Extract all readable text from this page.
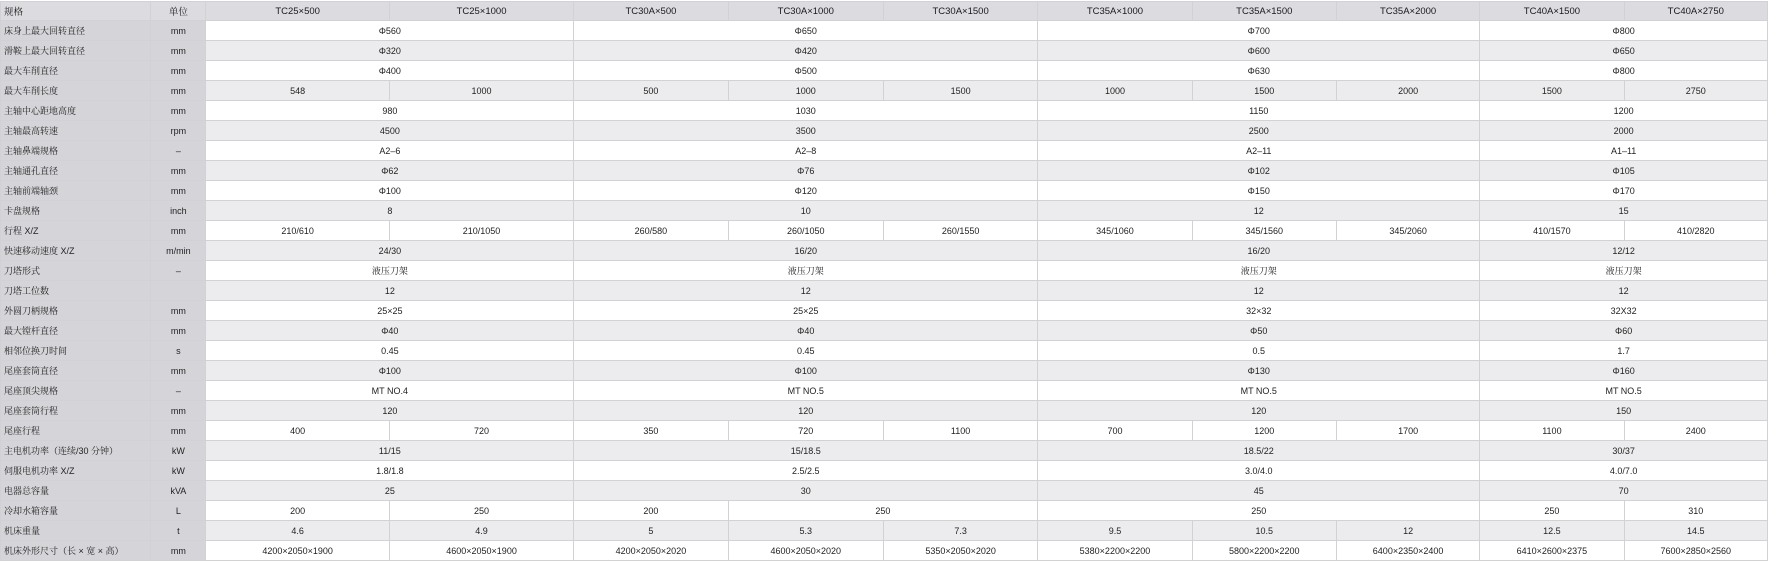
规格	单位	TC25×500	TC25×1000	TC30A×500	TC30A×1000	TC30A×1500	TC35A×1000	TC35A×1500	TC35A×2000	TC40A×1500	TC40A×2750
床身上最大回转直径	mm	Φ560		Φ650			Φ700			Φ800	
滑鞍上最大回转直径	mm	Φ320		Φ420			Φ600			Φ650	
最大车削直径	mm	Φ400		Φ500			Φ630			Φ800	
最大车削长度	mm	548	1000	500	1000	1500	1000	1500	2000	1500	2750
主轴中心距地高度	mm	980		1030			1150			1200	
主轴最高转速	rpm	4500		3500			2500			2000	
主轴鼻端规格	–	A2–6		A2–8			A2–11			A1–11	
主轴通孔直径	mm	Φ62		Φ76			Φ102			Φ105	
主轴前端轴颈	mm	Φ100		Φ120			Φ150			Φ170	
卡盘规格	inch	8		10			12			15	
行程 X/Z	mm	210/610	210/1050	260/580	260/1050	260/1550	345/1060	345/1560	345/2060	410/1570	410/2820
快速移动速度 X/Z	m/min	24/30		16/20			16/20			12/12	
刀塔形式	–	液压刀架		液压刀架			液压刀架			液压刀架	
刀塔工位数		12		12			12			12	
外圆刀柄规格	mm	25×25		25×25			32×32			32X32	
最大镗杆直径	mm	Φ40		Φ40			Φ50			Φ60	
相邻位换刀时间	s	0.45		0.45			0.5			1.7	
尾座套筒直径	mm	Φ100		Φ100			Φ130			Φ160	
尾座顶尖规格	–	MT NO.4		MT NO.5			MT NO.5			MT NO.5	
尾座套筒行程	mm	120		120			120			150	
尾座行程	mm	400	720	350	720	1100	700	1200	1700	1100	2400
主电机功率（连续/30 分钟）	kW	11/15		15/18.5			18.5/22			30/37	
伺服电机功率 X/Z	kW	1.8/1.8		2.5/2.5			3.0/4.0			4.0/7.0	
电器总容量	kVA	25		30			45			70	
冷却水箱容量	L	200	250	200	250		250			250	310
机床重量	t	4.6	4.9	5	5.3	7.3	9.5	10.5	12	12.5	14.5
机床外形尺寸（长 × 宽 × 高）	mm	4200×2050×1900	4600×2050×1900	4200×2050×2020	4600×2050×2020	5350×2050×2020	5380×2200×2200	5800×2200×2200	6400×2350×2400	6410×2600×2375	7600×2850×2560
